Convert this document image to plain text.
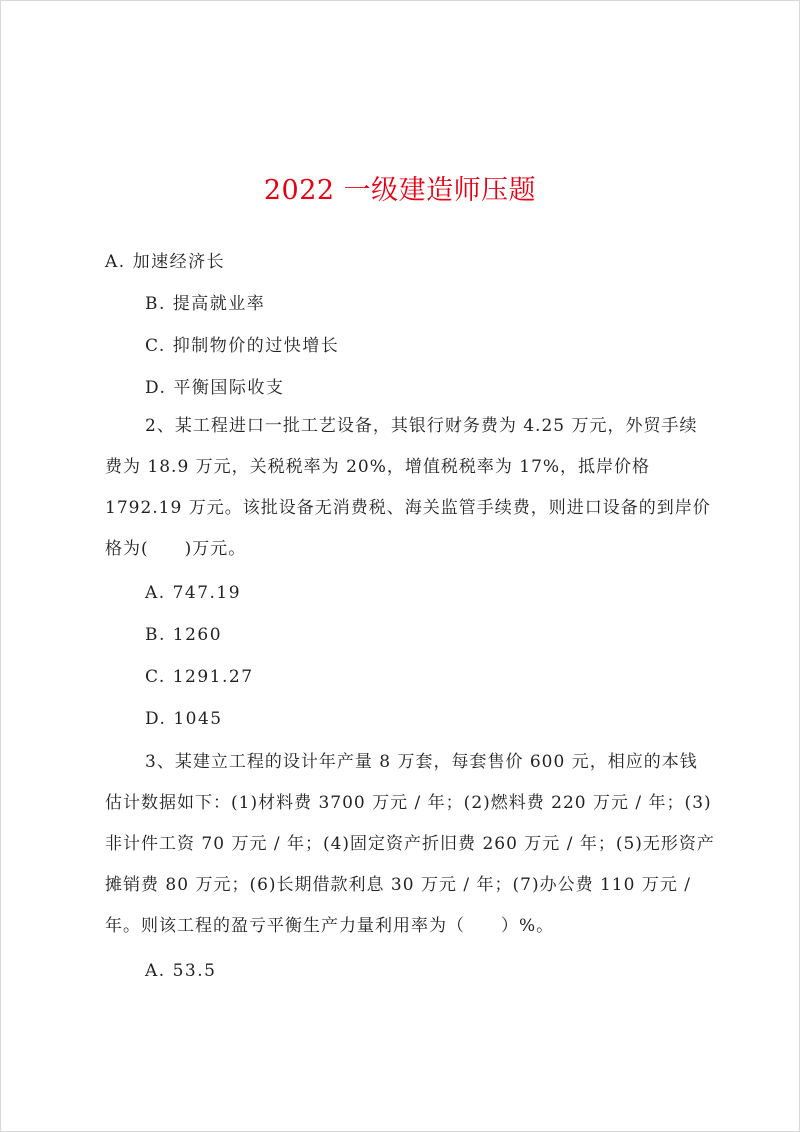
2022 一级建造师压题
A. 加速经济长
B. 提高就业率
C. 抑制物价的过快增长
D. 平衡国际收支
2、某工程进口一批工艺设备，其银行财务费为 4.25 万元，外贸手续费为 18.9 万元，关税税率为 20%，增值税税率为 17%，抵岸价格 1792.19 万元。该批设备无消费税、海关监管手续费，则进口设备的到岸价格为(　　)万元。
A. 747.19
B. 1260
C. 1291.27
D. 1045
3、某建立工程的设计年产量 8 万套，每套售价 600 元，相应的本钱估计数据如下：(1)材料费 3700 万元 / 年；(2)燃料费 220 万元 / 年；(3)非计件工资 70 万元 / 年；(4)固定资产折旧费 260 万元 / 年；(5)无形资产摊销费 80 万元；(6)长期借款利息 30 万元 / 年；(7)办公费 110 万元 / 年。则该工程的盈亏平衡生产力量利用率为（　　）%。
A. 53.5
